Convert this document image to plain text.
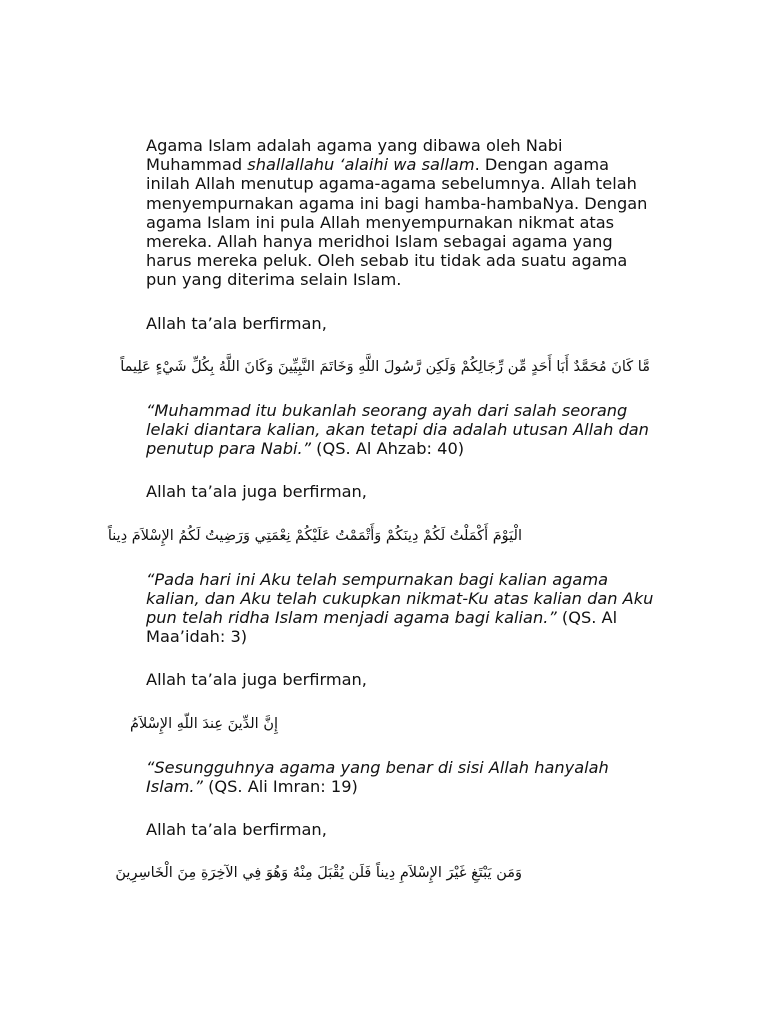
Agama Islam adalah agama yang dibawa oleh Nabi Muhammad shallallahu ‘alaihi wa sallam. Dengan agama inilah Allah menutup agama-agama sebelumnya. Allah telah menyempurnakan agama ini bagi hamba-hambaNya. Dengan agama Islam ini pula Allah menyempurnakan nikmat atas mereka. Allah hanya meridhoi Islam sebagai agama yang harus mereka peluk. Oleh sebab itu tidak ada suatu agama pun yang diterima selain Islam.

Allah ta’ala berfirman,

مَّا كَانَ مُحَمَّدٌ أَبَا أَحَدٍ مِّن رِّجَالِكُمْ وَلَكِن رَّسُولَ اللَّهِ وَخَاتَمَ النَّبِيِّينَ وَكَانَ اللَّهُ بِكُلِّ شَيْءٍ عَلِيماً

“Muhammad itu bukanlah seorang ayah dari salah seorang lelaki diantara kalian, akan tetapi dia adalah utusan Allah dan penutup para Nabi.” (QS. Al Ahzab: 40)

Allah ta’ala juga berfirman,

الْيَوْمَ أَكْمَلْتُ لَكُمْ دِينَكُمْ وَأَتْمَمْتُ عَلَيْكُمْ نِعْمَتِي وَرَضِيتُ لَكُمُ الإِسْلاَمَ دِيناً

“Pada hari ini Aku telah sempurnakan bagi kalian agama kalian, dan Aku telah cukupkan nikmat-Ku atas kalian dan Aku pun telah ridha Islam menjadi agama bagi kalian.” (QS. Al Maa’idah: 3)

Allah ta’ala juga berfirman,

إِنَّ الدِّينَ عِندَ اللّهِ الإِسْلاَمُ

“Sesungguhnya agama yang benar di sisi Allah hanyalah Islam.” (QS. Ali Imran: 19)

Allah ta’ala berfirman,

وَمَن يَبْتَغِ غَيْرَ الإِسْلاَمِ دِيناً فَلَن يُقْبَلَ مِنْهُ وَهُوَ فِي الآخِرَةِ مِنَ الْخَاسِرِينَ
